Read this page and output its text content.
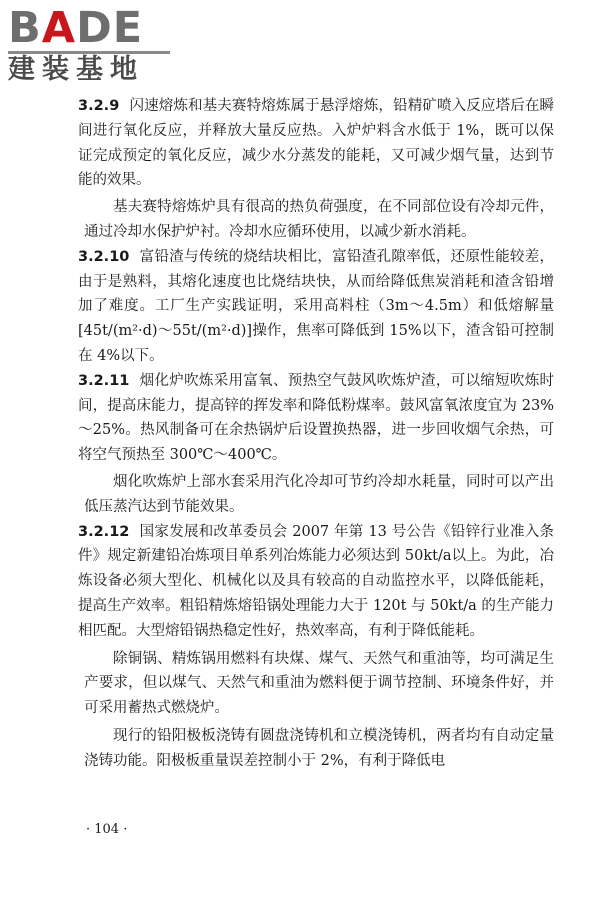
BADE
建装基地

3.2.9 闪速熔炼和基夫赛特熔炼属于悬浮熔炼，铅精矿喷入反应塔后在瞬间进行氧化反应，并释放大量反应热。入炉炉料含水低于 1%，既可以保证完成预定的氧化反应，减少水分蒸发的能耗，又可减少烟气量，达到节能的效果。

基夫赛特熔炼炉具有很高的热负荷强度，在不同部位设有冷却元件，通过冷却水保护炉衬。冷却水应循环使用，以减少新水消耗。

3.2.10 富铅渣与传统的烧结块相比，富铅渣孔隙率低，还原性能较差，由于是熟料，其熔化速度也比烧结块快，从而给降低焦炭消耗和渣含铅增加了难度。工厂生产实践证明，采用高料柱（3m～4.5m）和低熔解量[45t/(m²·d)～55t/(m²·d)]操作，焦率可降低到 15%以下，渣含铅可控制在 4%以下。

3.2.11 烟化炉吹炼采用富氧、预热空气鼓风吹炼炉渣，可以缩短吹炼时间，提高床能力，提高锌的挥发率和降低粉煤率。鼓风富氧浓度宜为 23%～25%。热风制备可在余热锅炉后设置换热器，进一步回收烟气余热，可将空气预热至 300℃～400℃。

烟化吹炼炉上部水套采用汽化冷却可节约冷却水耗量，同时可以产出低压蒸汽达到节能效果。

3.2.12 国家发展和改革委员会 2007 年第 13 号公告《铅锌行业准入条件》规定新建铅冶炼项目单系列冶炼能力必须达到 50kt/a以上。为此，冶炼设备必须大型化、机械化以及具有较高的自动监控水平，以降低能耗，提高生产效率。粗铅精炼熔铅锅处理能力大于 120t 与 50kt/a 的生产能力相匹配。大型熔铅锅热稳定性好，热效率高，有利于降低能耗。

除铜锅、精炼锅用燃料有块煤、煤气、天然气和重油等，均可满足生产要求，但以煤气、天然气和重油为燃料便于调节控制、环境条件好，并可采用蓄热式燃烧炉。

现行的铅阳极板浇铸有圆盘浇铸机和立模浇铸机，两者均有自动定量浇铸功能。阳极板重量误差控制小于 2%，有利于降低电

· 104 ·
